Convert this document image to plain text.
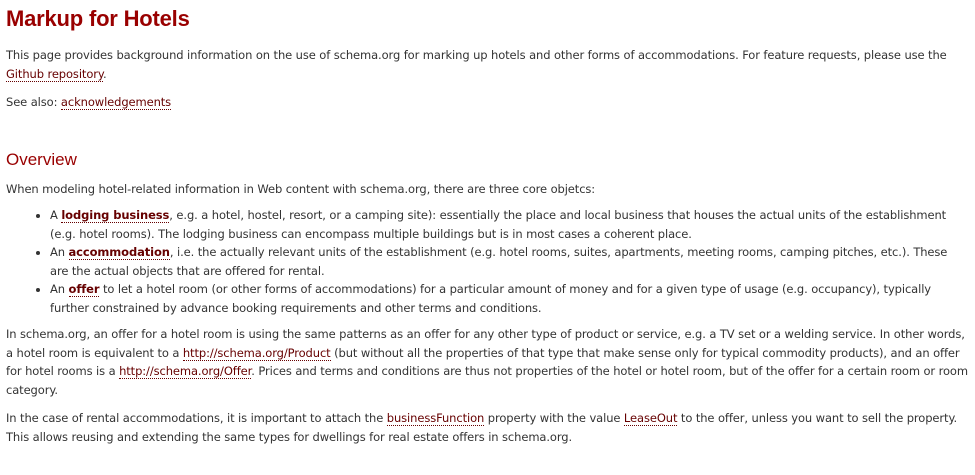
Markup for Hotels

This page provides background information on the use of schema.org for marking up hotels and other forms of accommodations. For feature requests, please use the Github repository.

See also: acknowledgements

Overview

When modeling hotel-related information in Web content with schema.org, there are three core objetcs:

• A lodging business, e.g. a hotel, hostel, resort, or a camping site): essentially the place and local business that houses the actual units of the establishment (e.g. hotel rooms). The lodging business can encompass multiple buildings but is in most cases a coherent place.
• An accommodation, i.e. the actually relevant units of the establishment (e.g. hotel rooms, suites, apartments, meeting rooms, camping pitches, etc.). These are the actual objects that are offered for rental.
• An offer to let a hotel room (or other forms of accommodations) for a particular amount of money and for a given type of usage (e.g. occupancy), typically further constrained by advance booking requirements and other terms and conditions.

In schema.org, an offer for a hotel room is using the same patterns as an offer for any other type of product or service, e.g. a TV set or a welding service. In other words, a hotel room is equivalent to a http://schema.org/Product (but without all the properties of that type that make sense only for typical commodity products), and an offer for hotel rooms is a http://schema.org/Offer. Prices and terms and conditions are thus not properties of the hotel or hotel room, but of the offer for a certain room or room category.

In the case of rental accommodations, it is important to attach the businessFunction property with the value LeaseOut to the offer, unless you want to sell the property. This allows reusing and extending the same types for dwellings for real estate offers in schema.org.
